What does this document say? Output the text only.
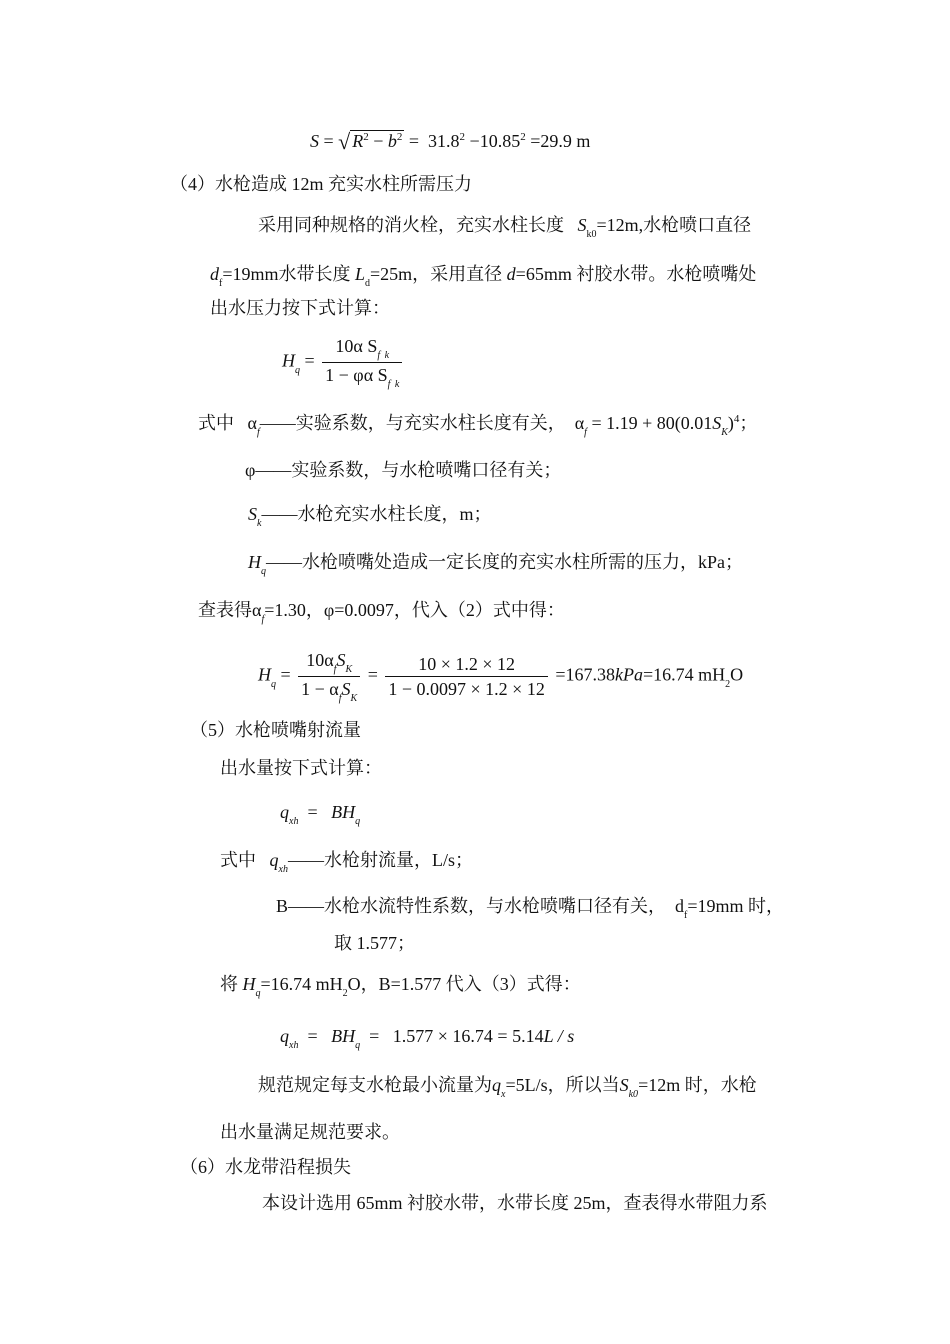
S = √ $R^2 - b^2 = 31.8^2 -10.85^2 =29.9$ m
（4）水枪造成 12m 充实水柱所需压力
采用同种规格的消火栓，充实水柱长度 $S_{k0}=12m$,水枪喷口直径
$d_f=19mm$水带长度 $L_d=25m$，采用直径 d=65mm 衬胶水带。水枪喷嘴处
出水压力按下式计算：
$H_q = \frac{10\alpha S_f _k}{1 - \varphi\alpha S_f _k}$
式中 $\alpha_f——$实验系数，与充实水柱长度有关， $\alpha_f = 1.19 + 80(0.01S_K)^4$；
φ——实验系数，与水枪喷嘴口径有关；
$S_k——$水枪充实水柱长度，m；
$H_q——$水枪喷嘴处造成一定长度的充实水柱所需的压力，kPa；
查表得$\alpha_f=1.30$，φ=0.0097，代入（2）式中得：
$H_q = \frac{10\alpha_fS_K}{1 - \alpha_fS_K} = \frac{10 \times 1.2 \times 12}{1 - 0.0097 \times 1.2 \times 12} =167.38kPa=16.74$ $mH_2O$
（5）水枪喷嘴射流量
出水量按下式计算：
$q_{xh} = BH_q$
式中 $q_{xh}——$水枪射流量，L/s；
B——水枪水流特性系数，与水枪喷嘴口径有关， $d_f=19mm$ 时，
取 1.577；
将 $H_q=16.74$ $mH_2O$，B=1.577 代入（3）式得：
$q_{xh} = BH_q = 1.577 \times 16.74 = 5.14L / s$
规范规定每支水枪最小流量为$q_x=5L/s$，所以当$S_{k0}=12m$ 时，水枪
出水量满足规范要求。
（6）水龙带沿程损失
本设计选用 65mm 衬胶水带，水带长度 25m，查表得水带阻力系
